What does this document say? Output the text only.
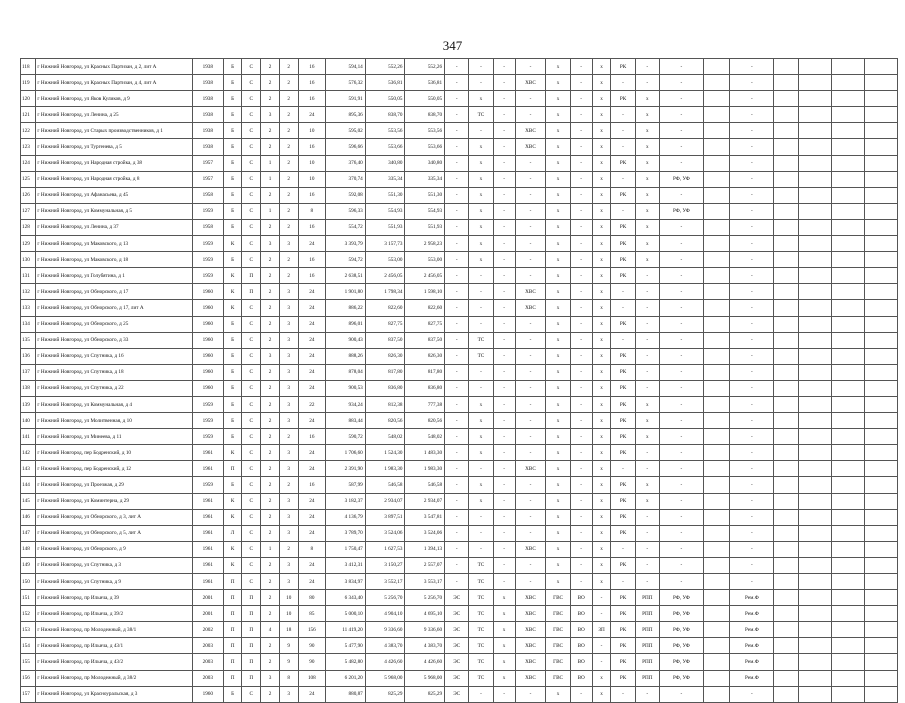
347
118	г Нижний Новгород, ул Красных Партизан, д 2, лит А	1938	Б	С	2	2	16	594,14	552,26	552,26	-	-	-	-	х	-	х	РК	-	-		-				
119	г Нижний Новгород, ул Красных Партизан, д 4, лит А	1938	Б	С	2	2	16	576,32	536,81	536,81	-	-	-	ХВС	х	-	х	-	-	-		-				
120	г Нижний Новгород, ул Яков Куликов, д 9	1938	Б	С	2	2	16	591,91	550,05	550,05	-	х	-	-	х	-	х	РК	х	-		-				
121	г Нижний Новгород, ул Ленина, д 25	1938	Б	С	3	2	24	895,36	838,70	838,70	-	ТС	-	-	х	-	х	-	х	-		-				
122	г Нижний Новгород, ул Старых производственников, д 1	1938	Б	С	2	2	10	595,02	553,56	553,56	-	-	-	ХВС	х	-	х	-	х	-		-				
123	г Нижний Новгород, ул Тургенева, д 5	1938	Б	С	2	2	16	596,66	553,66	553,66	-	х	-	ХВС	х	-	х	-	х	-		-				
124	г Нижний Новгород, ул Народная стройка, д 38	1957	Б	С	1	2	10	376,40	340,80	340,80	-	х	-	-	х	-	х	РК	х	-		-				
125	г Нижний Новгород, ул Народная стройка, д 8	1957	Б	С	1	2	10	370,74	335,34	335,34	-	х	-	-	х	-	х	-	х	РФ, УФ		-				
126	г Нижний Новгород, ул Афанасьева, д 45	1958	Б	С	2	2	16	592,08	551,30	551,30	-	х	-	-	х	-	х	РК	х	-		-				
127	г Нижний Новгород, ул Коммунальная, д 5	1959	Б	С	1	2	8	596,33	554,93	554,93	-	х	-	-	х	-	х	-	х	РФ, УФ		-				
128	г Нижний Новгород, ул Ленина, д 37	1958	Б	С	2	2	16	554,72	551,93	551,93	-	х	-	-	х	-	х	РК	х	-		-				
129	г Нижний Новгород, ул Маковского, д 13	1959	К	С	3	3	24	3 393,79	3 157,73	2 958,23	-	х	-	-	х	-	х	РК	х	-		-				
130	г Нижний Новгород, ул Маковского, д 18	1959	Б	С	2	2	16	594,72	553,00	553,00	-	х	-	-	х	-	х	РК	х	-		-				
131	г Нижний Новгород, ул Голубятина, д 1	1959	К	П	2	2	16	2 638,51	2 456,05	2 456,05	-	-	-	-	х	-	х	РК	-	-		-				
132	г Нижний Новгород, ул Обнорского, д 17	1960	К	П	2	3	24	1 901,80	1 798,34	1 598,10	-	-	-	ХВС	х	-	х	-	-	-		-				
133	г Нижний Новгород, ул Обнорского, д 17, лит А	1960	К	С	2	3	24	886,22	822,60	822,60	-	-	-	ХВС	х	-	х	-	-	-		-				
134	г Нижний Новгород, ул Обнорского, д 25	1960	Б	С	2	3	24	896,01	827,75	827,75	-	-	-	-	х	-	х	РК	-	-		-				
135	г Нижний Новгород, ул Обнорского, д 33	1960	Б	С	2	3	24	900,43	837,50	837,50	-	ТС	-	-	х	-	х	-	-	-		-				
136	г Нижний Новгород, ул Спутника, д 16	1960	Б	С	3	3	24	888,26	826,30	826,30	-	ТС	-	-	х	-	х	РК	-	-		-				
137	г Нижний Новгород, ул Спутника, д 18	1960	Б	С	2	3	24	878,04	817,80	817,80	-	-	-	-	х	-	х	РК	-	-		-				
138	г Нижний Новгород, ул Спутника, д 22	1960	Б	С	2	3	24	900,53	836,80	836,80	-	-	-	-	х	-	х	РК	-	-		-				
139	г Нижний Новгород, ул Коммунальная, д 4	1959	Б	С	2	3	22	934,24	812,38	777,38	-	х	-	-	х	-	х	РК	х	-		-				
140	г Нижний Новгород, ул Молитвенная, д 10	1959	Б	С	2	3	24	883,44	820,56	820,56	-	х	-	-	х	-	х	РК	х	-		-				
141	г Нижний Новгород, ул Минеева, д 11	1959	Б	С	2	2	16	590,72	548,02	548,02	-	х	-	-	х	-	х	РК	х	-		-				
142	г Нижний Новгород, пер Бодренский, д 10	1961	К	С	2	3	24	1 706,60	1 524,30	1 483,30	-	х	-	-	х	-	х	РК	-	-		-				
143	г Нижний Новгород, пер Бодренский, д 12	1961	П	С	2	3	24	2 391,90	1 983,30	1 983,30	-	-	-	ХВС	х	-	х	-	-	-		-				
144	г Нижний Новгород, ул Проезжая, д 29	1959	Б	С	2	2	16	587,99	546,58	546,58	-	х	-	-	х	-	х	РК	х	-		-				
145	г Нижний Новгород, ул Коминтерна, д 29	1961	К	С	2	3	24	3 182,37	2 934,07	2 934,07	-	х	-	-	х	-	х	РК	х	-		-				
146	г Нижний Новгород, ул Обнорского, д 3, лит А	1961	К	С	2	3	24	4 136,79	3 897,51	3 547,81	-	-	-	-	х	-	х	РК	-	-		-				
147	г Нижний Новгород, ул Обнорского, д 5, лит А	1961	Л	С	2	3	24	3 789,70	3 524,06	3 524,06	-	-	-	-	х	-	х	РК	-	-		-				
148	г Нижний Новгород, ул Обнорского, д 9	1961	К	С	1	2	8	1 750,47	1 627,53	1 394,13	-	-	-	ХВС	х	-	х	-	-	-		-				
149	г Нижний Новгород, ул Спутника, д 3	1961	К	С	2	3	24	3 412,31	3 150,27	2 557,07	-	ТС	-	-	х	-	х	РК	-	-		-				
150	г Нижний Новгород, ул Спутника, д 9	1961	П	С	2	3	24	3 834,97	3 552,17	3 553,17	-	ТС	-	-	х	-	х	-	-	-		-				
151	г Нижний Новгород, пр Ильича, д 39	2001	П	П	2	10	80	6 343,40	5 256,70	5 256,70	ЭС	ТС	х	ХВС	ГВС	ВО	-	РК	РПП	РФ, УФ		Рем.Ф				
152	г Нижний Новгород, пр Ильича, д 39/2	2001	П	П	2	10	85	5 000,10	4 904,10	4 695,10	ЭС	ТС	х	ХВС	ГВС	ВО	-	РК	РПП	РФ, УФ		Рем.Ф				
153	г Нижний Новгород, пр Молодежный, д 38/1	2002	П	П	4	18	156	11 419,20	9 336,60	9 336,60	ЭС	ТС	х	ХВС	ГВС	ВО	ЗП	РК	РПП	РФ, УФ		Рем.Ф				
154	г Нижний Новгород, пр Ильича, д 43/1	2003	П	П	2	9	90	5 477,90	4 383,70	4 383,70	ЭС	ТС	х	ХВС	ГВС	ВО	-	РК	РПП	РФ, УФ		Рем.Ф				
155	г Нижний Новгород, пр Ильича, д 43/2	2003	П	П	2	9	90	5 482,80	4 426,60	4 426,60	ЭС	ТС	х	ХВС	ГВС	ВО	-	РК	РПП	РФ, УФ		Рем.Ф				
156	г Нижний Новгород, пр Молодежный, д 38/2	2003	П	П	3	8	108	6 201,20	5 968,00	5 968,00	ЭС	ТС	х	ХВС	ГВС	ВО	х	РК	РПП	РФ, УФ		Рем.Ф				
157	г Нижний Новгород, ул Красноуральская, д 3	1960	Б	С	2	3	24	880,87	825,29	825,29	ЭС	-	-	-	х	-	х	-	-	-		-				
